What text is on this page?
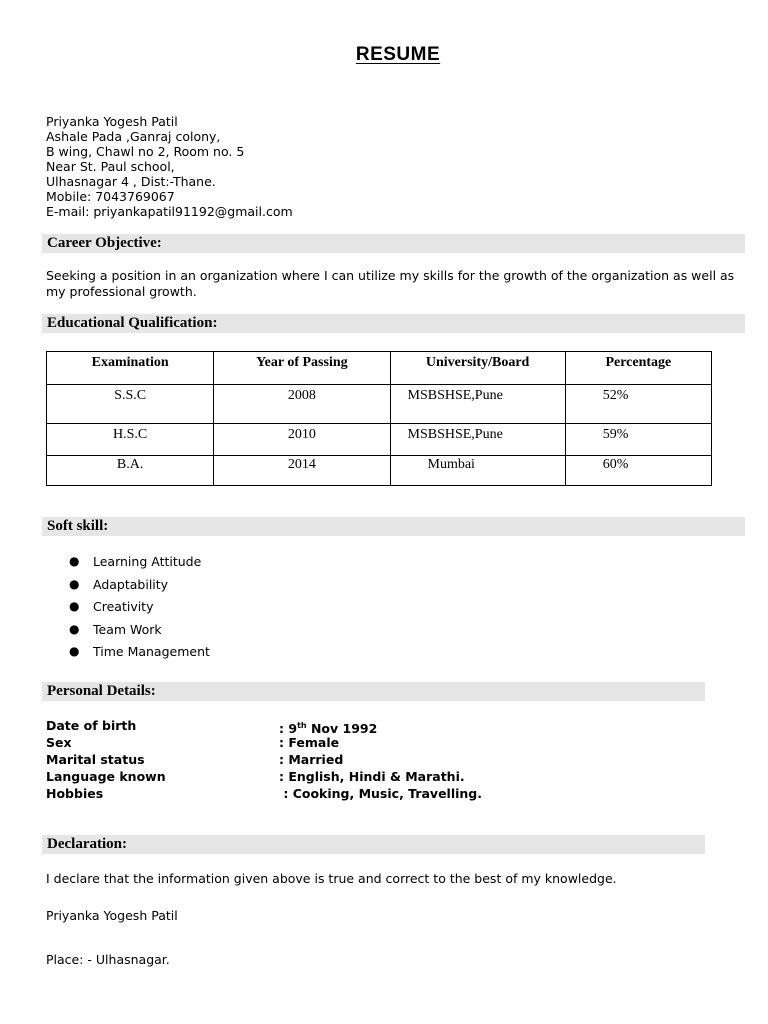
RESUME
Priyanka Yogesh Patil
Ashale Pada ,Ganraj colony,
B wing, Chawl no 2, Room no. 5
Near St. Paul school,
Ulhasnagar 4 , Dist:-Thane.
Mobile: 7043769067
E-mail: priyankapatil91192@gmail.com
Career Objective:
Seeking a position in an organization where I can utilize my skills for the growth of the organization as well as my professional growth.
Educational Qualification:
Examination	Year of Passing	University/Board	Percentage
S.S.C	2008	MSBSHSE,Pune	52%
H.S.C	2010	MSBSHSE,Pune	59%
B.A.	2014	Mumbai	60%
Soft skill:
● Learning Attitude
● Adaptability
● Creativity
● Team Work
● Time Management
Personal Details:
Date of birth	: 9th Nov 1992
Sex	: Female
Marital status	: Married
Language known	: English, Hindi & Marathi.
Hobbies	: Cooking, Music, Travelling.
Declaration:
I declare that the information given above is true and correct to the best of my knowledge.
Priyanka Yogesh Patil
Place: - Ulhasnagar.
